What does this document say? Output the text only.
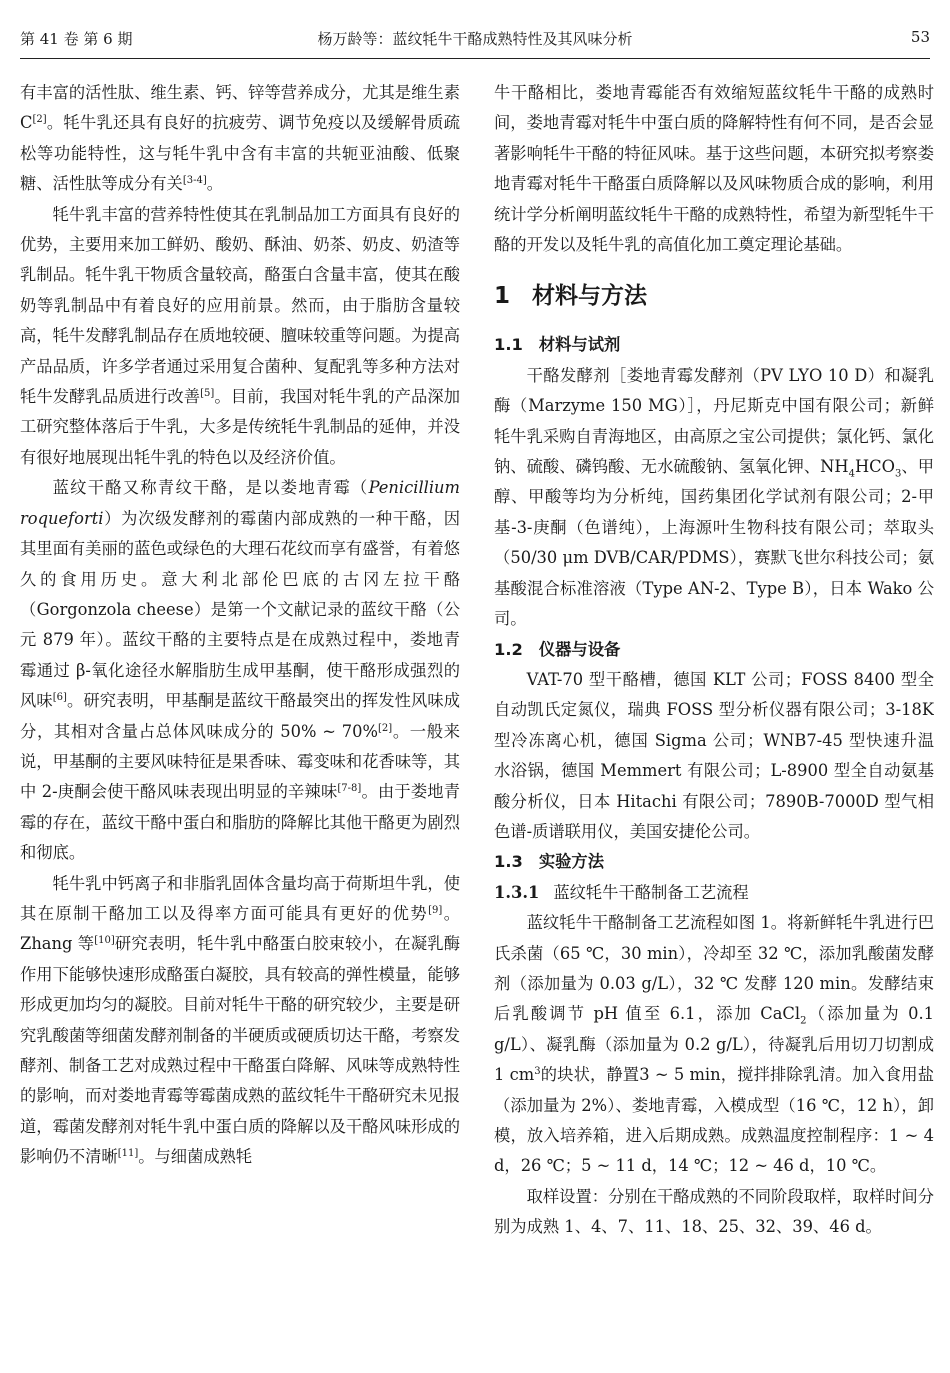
第 41 卷 第 6 期	杨万龄等：蓝纹牦牛干酪成熟特性及其风味分析	53

有丰富的活性肽、维生素、钙、锌等营养成分，尤其是维生素 C[2]。牦牛乳还具有良好的抗疲劳、调节免疫以及缓解骨质疏松等功能特性，这与牦牛乳中含有丰富的共轭亚油酸、低聚糖、活性肽等成分有关[3-4]。

牦牛乳丰富的营养特性使其在乳制品加工方面具有良好的优势，主要用来加工鲜奶、酸奶、酥油、奶茶、奶皮、奶渣等乳制品。牦牛乳干物质含量较高，酪蛋白含量丰富，使其在酸奶等乳制品中有着良好的应用前景。然而，由于脂肪含量较高，牦牛发酵乳制品存在质地较硬、膻味较重等问题。为提高产品品质，许多学者通过采用复合菌种、复配乳等多种方法对牦牛发酵乳品质进行改善[5]。目前，我国对牦牛乳的产品深加工研究整体落后于牛乳，大多是传统牦牛乳制品的延伸，并没有很好地展现出牦牛乳的特色以及经济价值。

蓝纹干酪又称青纹干酪，是以娄地青霉（Penicillium roqueforti）为次级发酵剂的霉菌内部成熟的一种干酪，因其里面有美丽的蓝色或绿色的大理石花纹而享有盛誉，有着悠久的食用历史。意大利北部伦巴底的古冈左拉干酪（Gorgonzola cheese）是第一个文献记录的蓝纹干酪（公元 879 年）。蓝纹干酪的主要特点是在成熟过程中，娄地青霉通过 β-氧化途径水解脂肪生成甲基酮，使干酪形成强烈的风味[6]。研究表明，甲基酮是蓝纹干酪最突出的挥发性风味成分，其相对含量占总体风味成分的 50% ~ 70%[2]。一般来说，甲基酮的主要风味特征是果香味、霉变味和花香味等，其中 2-庚酮会使干酪风味表现出明显的辛辣味[7-8]。由于娄地青霉的存在，蓝纹干酪中蛋白和脂肪的降解比其他干酪更为剧烈和彻底。

牦牛乳中钙离子和非脂乳固体含量均高于荷斯坦牛乳，使其在原制干酪加工以及得率方面可能具有更好的优势[9]。Zhang 等[10]研究表明，牦牛乳中酪蛋白胶束较小，在凝乳酶作用下能够快速形成酪蛋白凝胶，具有较高的弹性模量，能够形成更加均匀的凝胶。目前对牦牛干酪的研究较少，主要是研究乳酸菌等细菌发酵剂制备的半硬质或硬质切达干酪，考察发酵剂、制备工艺对成熟过程中干酪蛋白降解、风味等成熟特性的影响，而对娄地青霉等霉菌成熟的蓝纹牦牛干酪研究未见报道，霉菌发酵剂对牦牛乳中蛋白质的降解以及干酪风味形成的影响仍不清晰[11]。与细菌成熟牦

牛干酪相比，娄地青霉能否有效缩短蓝纹牦牛干酪的成熟时间，娄地青霉对牦牛中蛋白质的降解特性有何不同，是否会显著影响牦牛干酪的特征风味。基于这些问题，本研究拟考察娄地青霉对牦牛干酪蛋白质降解以及风味物质合成的影响，利用统计学分析阐明蓝纹牦牛干酪的成熟特性，希望为新型牦牛干酪的开发以及牦牛乳的高值化加工奠定理论基础。

1 材料与方法
1.1 材料与试剂

干酪发酵剂［娄地青霉发酵剂（PV LYO 10 D）和凝乳酶（Marzyme 150 MG）］，丹尼斯克中国有限公司；新鲜牦牛乳采购自青海地区，由高原之宝公司提供；氯化钙、氯化钠、硫酸、磷钨酸、无水硫酸钠、氢氧化钾、$NH_4HCO_3$、甲醇、甲酸等均为分析纯，国药集团化学试剂有限公司；2-甲基-3-庚酮（色谱纯），上海源叶生物科技有限公司；萃取头（50/30 μm DVB/CAR/PDMS），赛默飞世尔科技公司；氨基酸混合标准溶液（Type AN-2、Type B），日本 Wako 公司。

1.2 仪器与设备

VAT-70 型干酪槽，德国 KLT 公司；FOSS 8400 型全自动凯氏定氮仪，瑞典 FOSS 型分析仪器有限公司；3-18K 型冷冻离心机，德国 Sigma 公司；WNB7-45 型快速升温水浴锅，德国 Memmert 有限公司；L-8900 型全自动氨基酸分析仪，日本 Hitachi 有限公司；7890B-7000D 型气相色谱-质谱联用仪，美国安捷伦公司。

1.3 实验方法
1.3.1 蓝纹牦牛干酪制备工艺流程

蓝纹牦牛干酪制备工艺流程如图 1。将新鲜牦牛乳进行巴氏杀菌（65 ℃，30 min），冷却至 32 ℃，添加乳酸菌发酵剂（添加量为 0.03 g/L），32 ℃ 发酵 120 min。发酵结束后乳酸调节 pH 值至 6.1，添加 CaCl$_2$（添加量为 0.1 g/L）、凝乳酶（添加量为 0.2 g/L），待凝乳后用切刀切割成 1 $cm^3$的块状，静置3 ~ 5 min，搅拌排除乳清。加入食用盐（添加量为 2%）、娄地青霉，入模成型（16 ℃，12 h），卸模，放入培养箱，进入后期成熟。成熟温度控制程序：1 ~ 4 d，26 ℃；5 ~ 11 d，14 ℃；12 ~ 46 d，10 ℃。

取样设置：分别在干酪成熟的不同阶段取样，取样时间分别为成熟 1、4、7、11、18、25、32、39、46 d。
